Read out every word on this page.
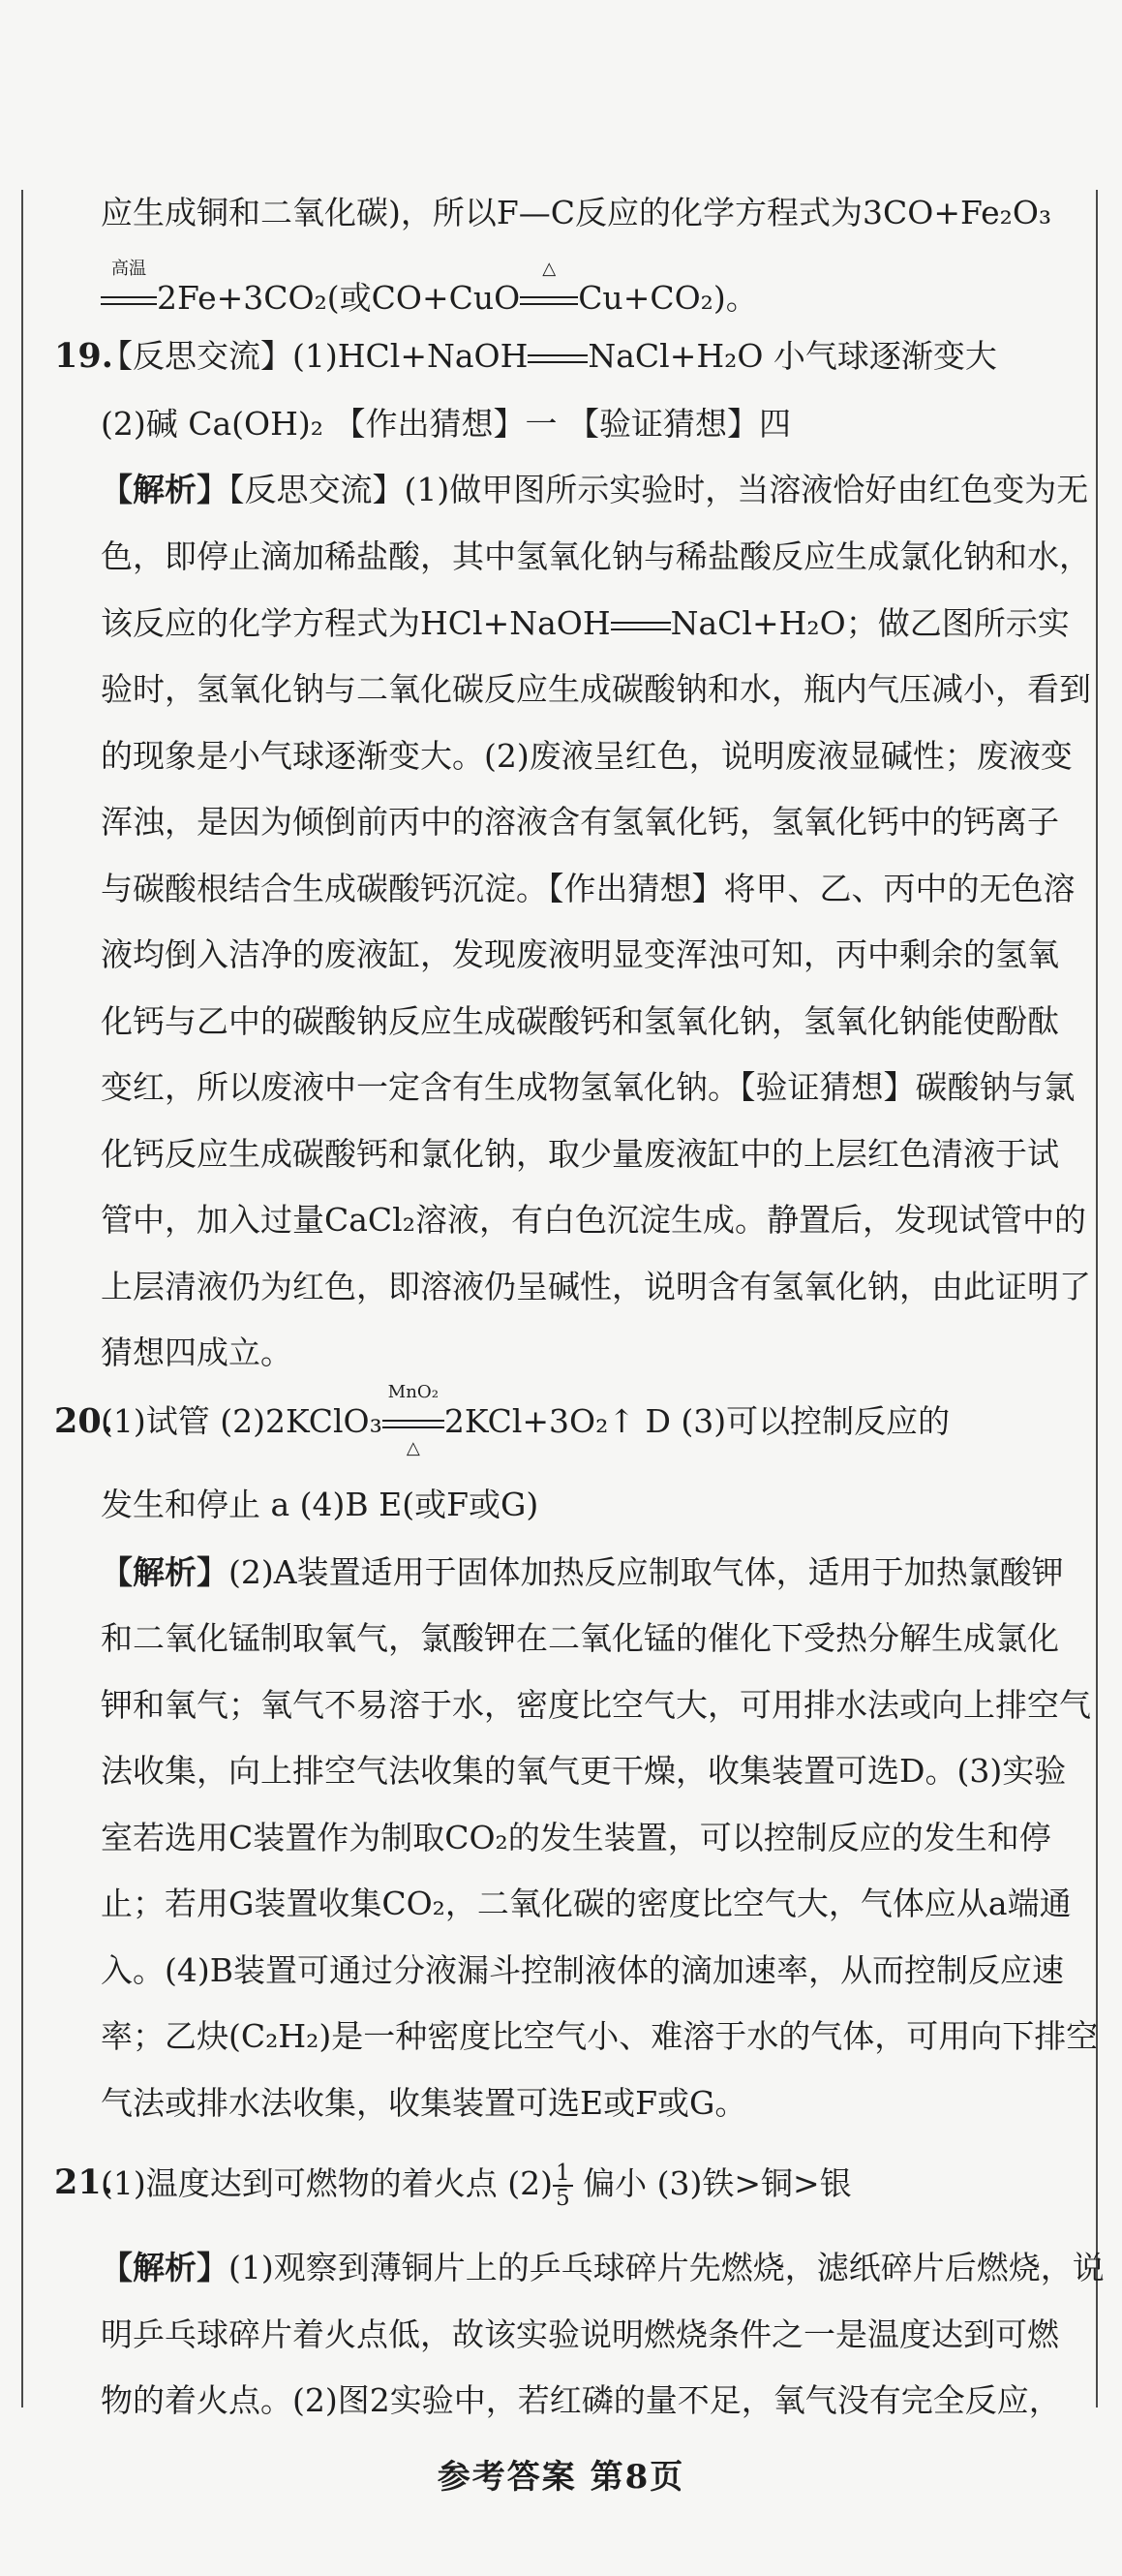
应生成铜和二氧化碳)，所以F—C反应的化学方程式为3CO+Fe₂O₃
高温
2Fe+3CO₂(或CO+CuO
△
Cu+CO₂)。
19.
【反思交流】(1)HCl+NaOH NaCl+H₂O 小气球逐渐变大
(2)碱 Ca(OH)₂ 【作出猜想】一 【验证猜想】四
【解析】【反思交流】(1)做甲图所示实验时，当溶液恰好由红色变为无
色，即停止滴加稀盐酸，其中氢氧化钠与稀盐酸反应生成氯化钠和水，
该反应的化学方程式为HCl+NaOH NaCl+H₂O；做乙图所示实
验时，氢氧化钠与二氧化碳反应生成碳酸钠和水，瓶内气压减小，看到
的现象是小气球逐渐变大。(2)废液呈红色，说明废液显碱性；废液变
浑浊，是因为倾倒前丙中的溶液含有氢氧化钙，氢氧化钙中的钙离子
与碳酸根结合生成碳酸钙沉淀。【作出猜想】将甲、乙、丙中的无色溶
液均倒入洁净的废液缸，发现废液明显变浑浊可知，丙中剩余的氢氧
化钙与乙中的碳酸钠反应生成碳酸钙和氢氧化钠，氢氧化钠能使酚酞
变红，所以废液中一定含有生成物氢氧化钠。【验证猜想】碳酸钠与氯
化钙反应生成碳酸钙和氯化钠，取少量废液缸中的上层红色清液于试
管中，加入过量CaCl₂溶液，有白色沉淀生成。静置后，发现试管中的
上层清液仍为红色，即溶液仍呈碱性，说明含有氢氧化钠，由此证明了
猜想四成立。
20.
(1)试管 (2)2KClO₃
MnO₂
△
2KCl+3O₂↑ D (3)可以控制反应的
发生和停止 a (4)B E(或F或G)
【解析】(2)A装置适用于固体加热反应制取气体，适用于加热氯酸钾
和二氧化锰制取氧气，氯酸钾在二氧化锰的催化下受热分解生成氯化
钾和氧气；氧气不易溶于水，密度比空气大，可用排水法或向上排空气
法收集，向上排空气法收集的氧气更干燥，收集装置可选D。(3)实验
室若选用C装置作为制取CO₂的发生装置，可以控制反应的发生和停
止；若用G装置收集CO₂，二氧化碳的密度比空气大，气体应从a端通
入。(4)B装置可通过分液漏斗控制液体的滴加速率，从而控制反应速
率；乙炔(C₂H₂)是一种密度比空气小、难溶于水的气体，可用向下排空
气法或排水法收集，收集装置可选E或F或G。
21.
(1)温度达到可燃物的着火点 $(2) \frac{1}{5}$ 偏小 (3)铁>铜>银
【解析】(1)观察到薄铜片上的乒乓球碎片先燃烧，滤纸碎片后燃烧，说
明乒乓球碎片着火点低，故该实验说明燃烧条件之一是温度达到可燃
物的着火点。(2)图2实验中，若红磷的量不足，氧气没有完全反应，
参考答案 第8页
